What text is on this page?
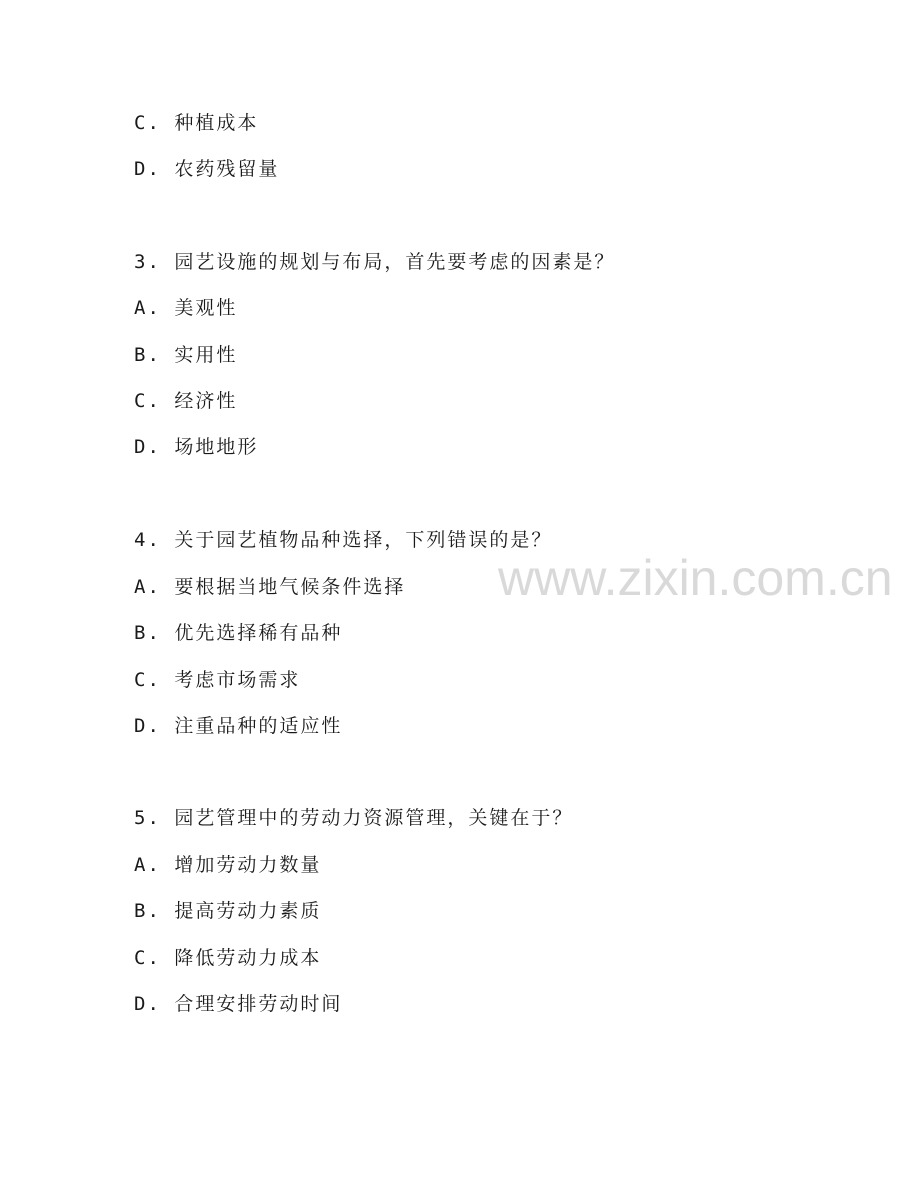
C. 种植成本
D. 农药残留量
3. 园艺设施的规划与布局，首先要考虑的因素是？
A. 美观性
B. 实用性
C. 经济性
D. 场地地形
4. 关于园艺植物品种选择，下列错误的是？
A. 要根据当地气候条件选择
B. 优先选择稀有品种
C. 考虑市场需求
D. 注重品种的适应性
5. 园艺管理中的劳动力资源管理，关键在于？
A. 增加劳动力数量
B. 提高劳动力素质
C. 降低劳动力成本
D. 合理安排劳动时间
www.zixin.com.cn
